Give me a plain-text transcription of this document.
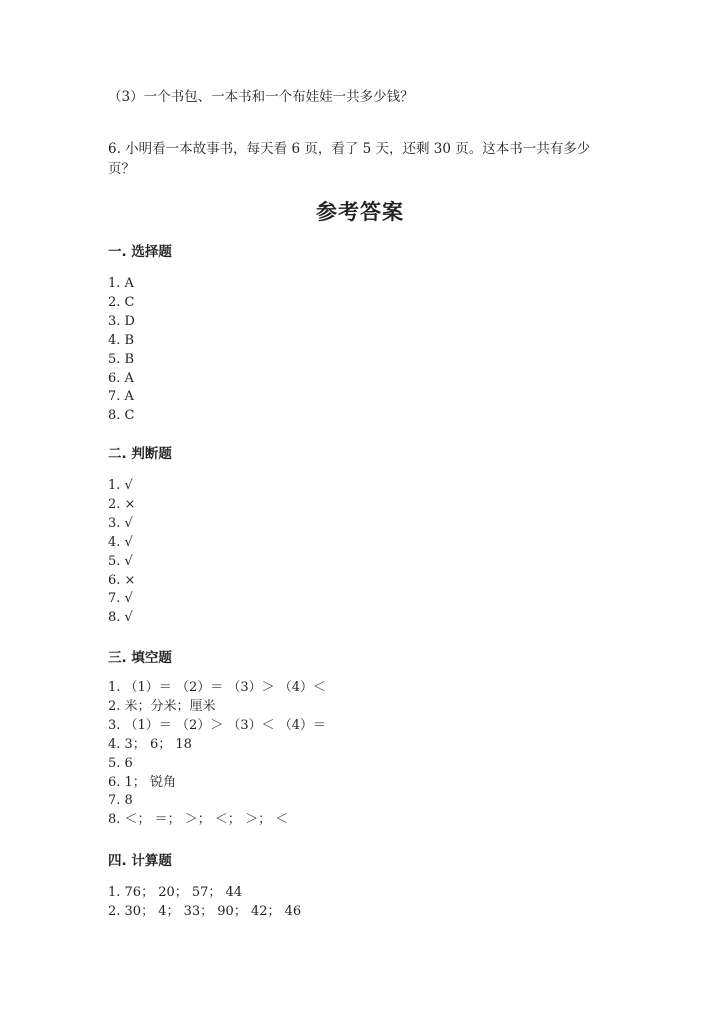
（3）一个书包、一本书和一个布娃娃一共多少钱？
6. 小明看一本故事书，每天看 6 页，看了 5 天，还剩 30 页。这本书一共有多少
页？
参考答案
一. 选择题
1. A
2. C
3. D
4. B
5. B
6. A
7. A
8. C
二. 判断题
1. √
2. ×
3. √
4. √
5. √
6. ×
7. √
8. √
三. 填空题
1. （1）＝ （2）＝ （3）＞ （4）＜
2. 米；分米；厘米
3. （1）＝ （2）＞ （3）＜ （4）＝
4. 3； 6； 18
5. 6
6. 1； 锐角
7. 8
8. ＜； ＝； ＞； ＜； ＞； ＜
四. 计算题
1. 76； 20； 57； 44
2. 30； 4； 33； 90； 42； 46
